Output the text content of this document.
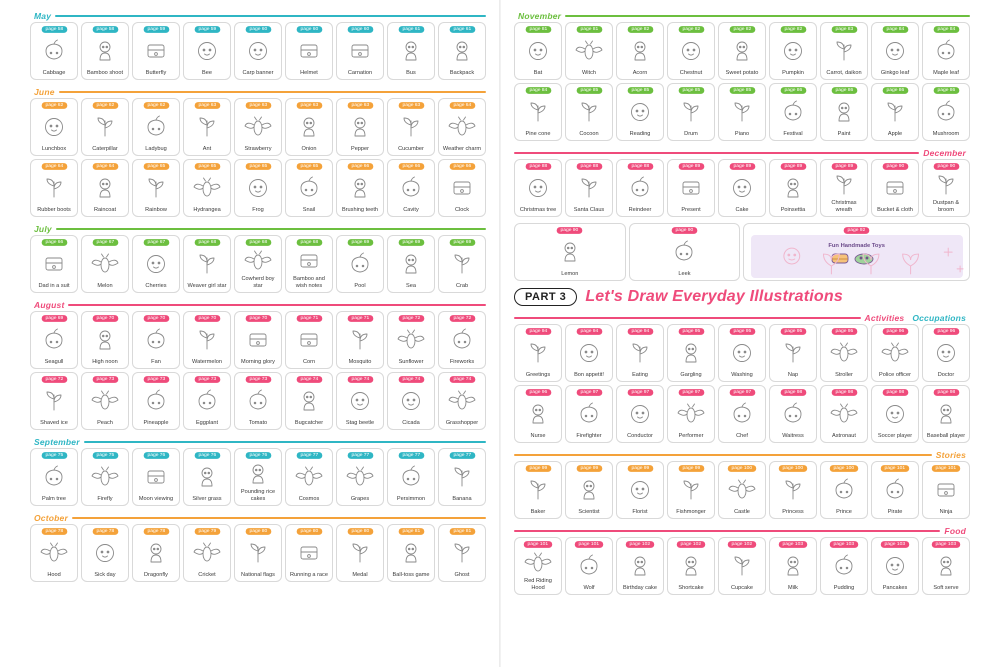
May
page 58
Cabbage
page 58
Bamboo shoot
page 59
Butterfly
page 59
Bee
page 60
Carp banner
page 60
Helmet
page 60
Carnation
page 61
Bus
page 61
Backpack
June
page 62
Lunchbox
page 62
Caterpillar
page 62
Ladybug
page 63
Ant
page 63
Strawberry
page 63
Onion
page 63
Pepper
page 63
Cucumber
page 64
Weather charm
page 64
Rubber boots
page 64
Raincoat
page 65
Rainbow
page 65
Hydrangea
page 65
Frog
page 65
Snail
page 66
Brushing teeth
page 66
Cavity
page 66
Clock
July
page 66
Dad in a suit
page 67
Melon
page 67
Cherries
page 68
Weaver girl star
page 68
Cowherd boy star
page 68
Bamboo and wish notes
page 69
Pool
page 69
Sea
page 69
Crab
August
page 69
Seagull
page 70
High noon
page 70
Fan
page 70
Watermelon
page 70
Morning glory
page 71
Corn
page 71
Mosquito
page 72
Sunflower
page 72
Fireworks
page 72
Shaved ice
page 73
Peach
page 73
Pineapple
page 73
Eggplant
page 73
Tomato
page 74
Bugcatcher
page 74
Stag beetle
page 74
Cicada
page 74
Grasshopper
September
page 75
Palm tree
page 75
Firefly
page 76
Moon viewing
page 76
Silver grass
page 76
Pounding rice cakes
page 77
Cosmos
page 77
Grapes
page 77
Persimmon
page 77
Banana
October
page 78
Hood
page 78
Sick day
page 78
Dragonfly
page 79
Cricket
page 80
National flags
page 80
Running a race
page 80
Medal
page 81
Ball-toss game
page 81
Ghost
November
page 81
Bat
page 81
Witch
page 82
Acorn
page 82
Chestnut
page 82
Sweet potato
page 82
Pumpkin
page 83
Carrot, daikon
page 84
Ginkgo leaf
page 84
Maple leaf
page 84
Pine cone
page 85
Cocoon
page 85
Reading
page 85
Drum
page 85
Piano
page 86
Festival
page 86
Paint
page 86
Apple
page 86
Mushroom
December
page 88
Christmas tree
page 88
Santa Claus
page 88
Reindeer
page 89
Present
page 89
Cake
page 89
Poinsettia
page 89
Christmas wreath
page 90
Bucket & cloth
page 90
Dustpan & broom
page 90
Lemon
page 90
Leek
page 92
Fun Handmade Toys
PART 3	Let's Draw Everyday Illustrations
Activities Occupations
page 94
Greetings
page 94
Bon appetit!
page 94
Eating
page 95
Gargling
page 95
Washing
page 95
Nap
page 95
Stroller
page 96
Police officer
page 96
Doctor
page 96
Nurse
page 97
Firefighter
page 97
Conductor
page 97
Performer
page 97
Chef
page 98
Waitress
page 98
Astronaut
page 98
Soccer player
page 98
Baseball player
Stories
page 99
Baker
page 99
Scientist
page 99
Florist
page 99
Fishmonger
page 100
Castle
page 100
Princess
page 100
Prince
page 101
Pirate
page 101
Ninja
Food
page 101
Red Riding Hood
page 101
Wolf
page 102
Birthday cake
page 102
Shortcake
page 102
Cupcake
page 103
Milk
page 103
Pudding
page 103
Pancakes
page 103
Soft serve
